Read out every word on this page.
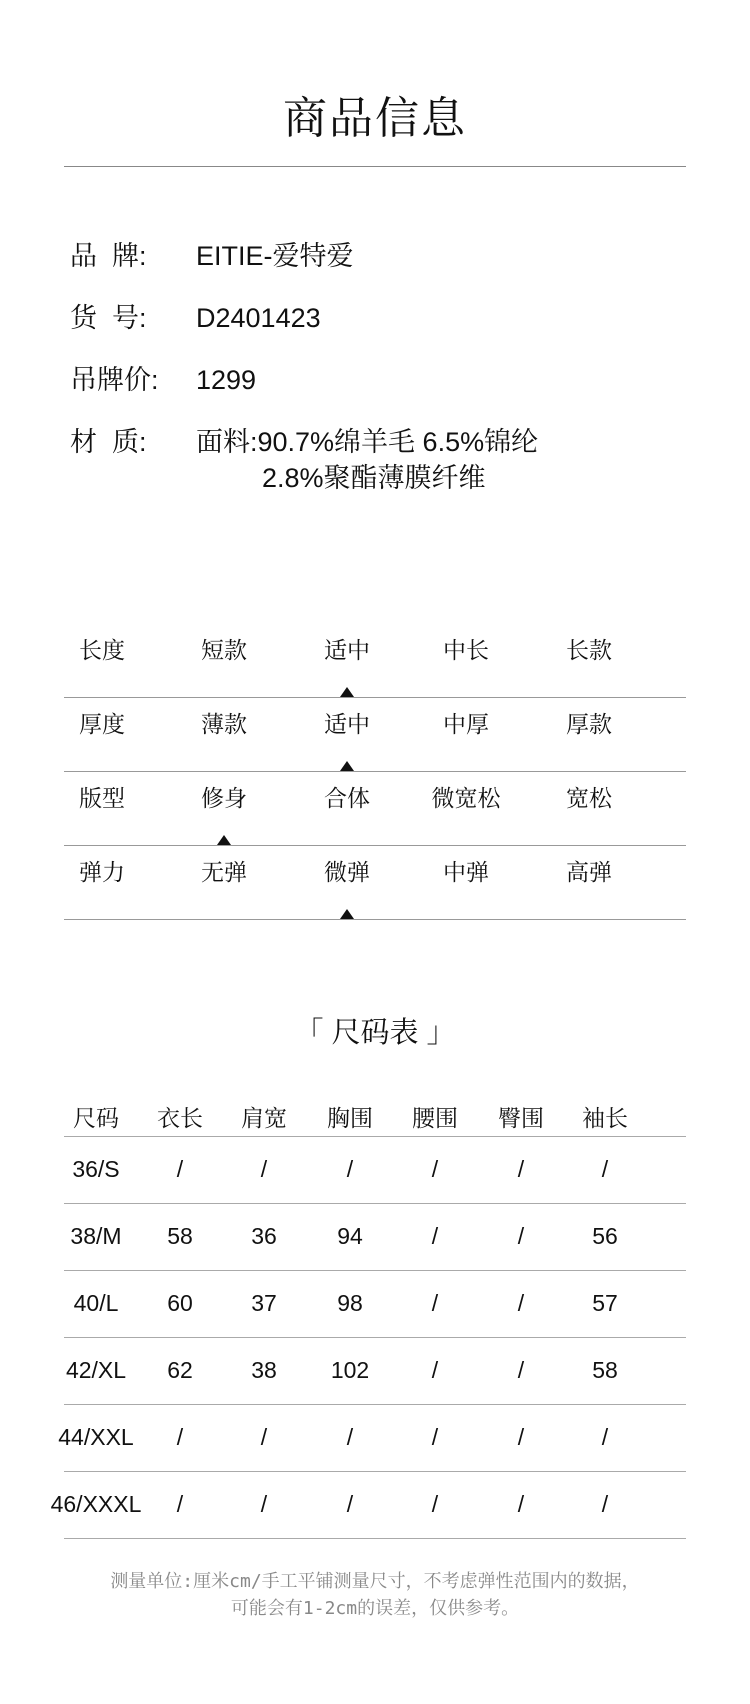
商品信息
品  牌:	EITIE-爱特爱
货  号:	D2401423
吊牌价:	1299
材  质:	面料:90.7%绵羊毛 6.5%锦纶
2.8%聚酯薄膜纤维
长度	短款	适中	中长	长款
厚度	薄款	适中	中厚	厚款
版型	修身	合体	微宽松	宽松
弹力	无弹	微弹	中弹	高弹
「 尺码表 」
尺码	衣长	肩宽	胸围	腰围	臀围	袖长
36/S	/	/	/	/	/	/
38/M	58	36	94	/	/	56
40/L	60	37	98	/	/	57
42/XL	62	38	102	/	/	58
44/XXL	/	/	/	/	/	/
46/XXXL	/	/	/	/	/	/
测量单位:厘米cm/手工平铺测量尺寸，不考虑弹性范围内的数据，
可能会有1-2cm的误差，仅供参考。
